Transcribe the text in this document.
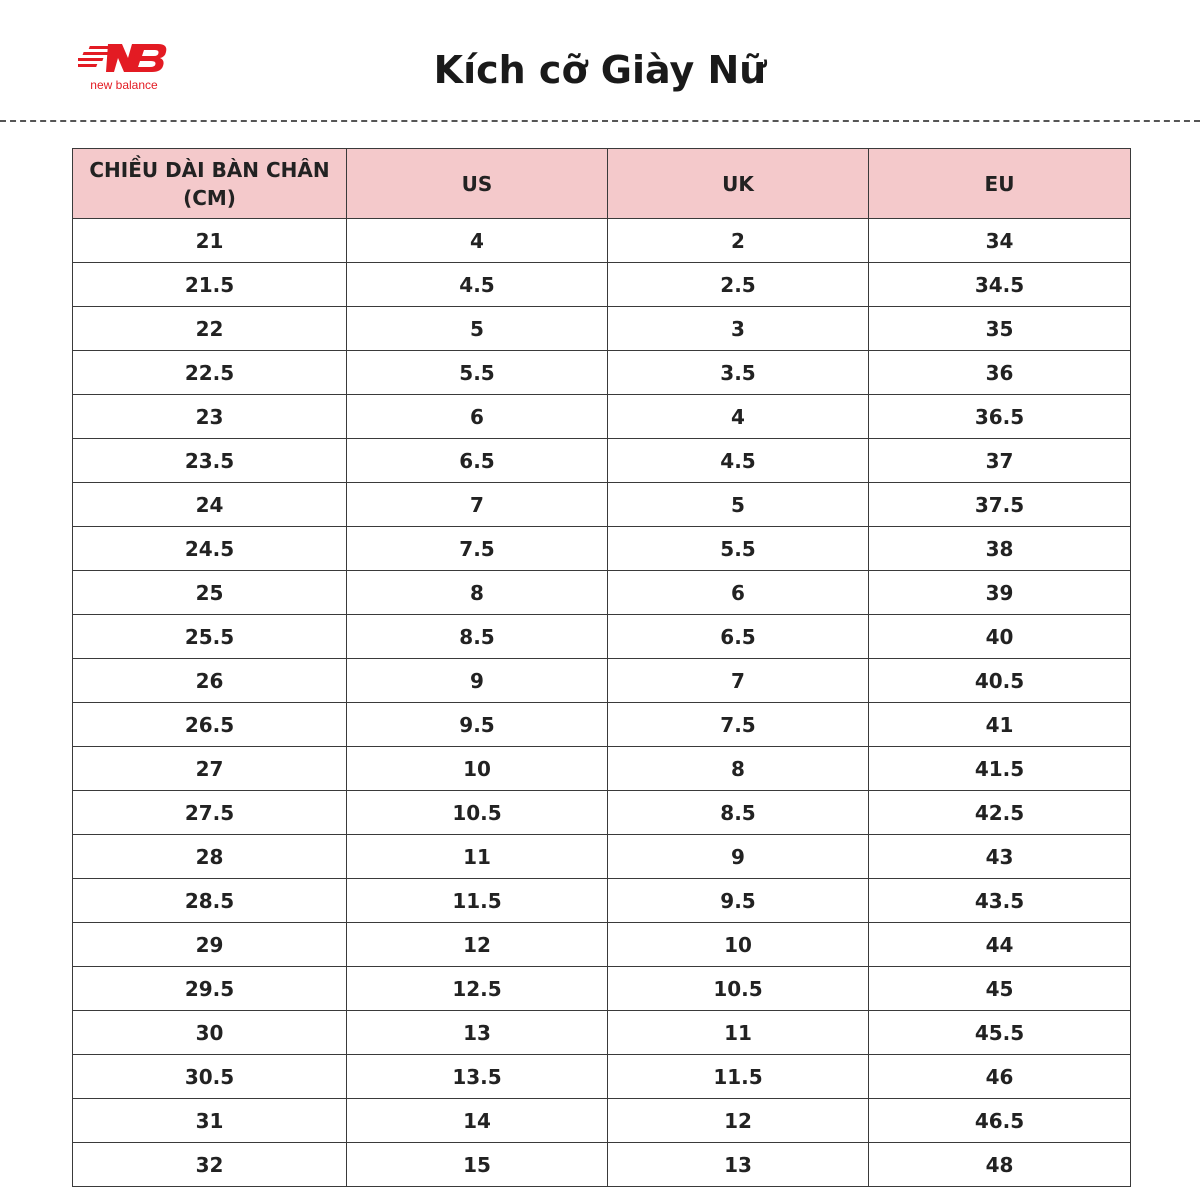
new balance	Kích cỡ Giày Nữ
CHIỀU DÀI BÀN CHÂN (CM)	US	UK	EU
21	4	2	34
21.5	4.5	2.5	34.5
22	5	3	35
22.5	5.5	3.5	36
23	6	4	36.5
23.5	6.5	4.5	37
24	7	5	37.5
24.5	7.5	5.5	38
25	8	6	39
25.5	8.5	6.5	40
26	9	7	40.5
26.5	9.5	7.5	41
27	10	8	41.5
27.5	10.5	8.5	42.5
28	11	9	43
28.5	11.5	9.5	43.5
29	12	10	44
29.5	12.5	10.5	45
30	13	11	45.5
30.5	13.5	11.5	46
31	14	12	46.5
32	15	13	48
